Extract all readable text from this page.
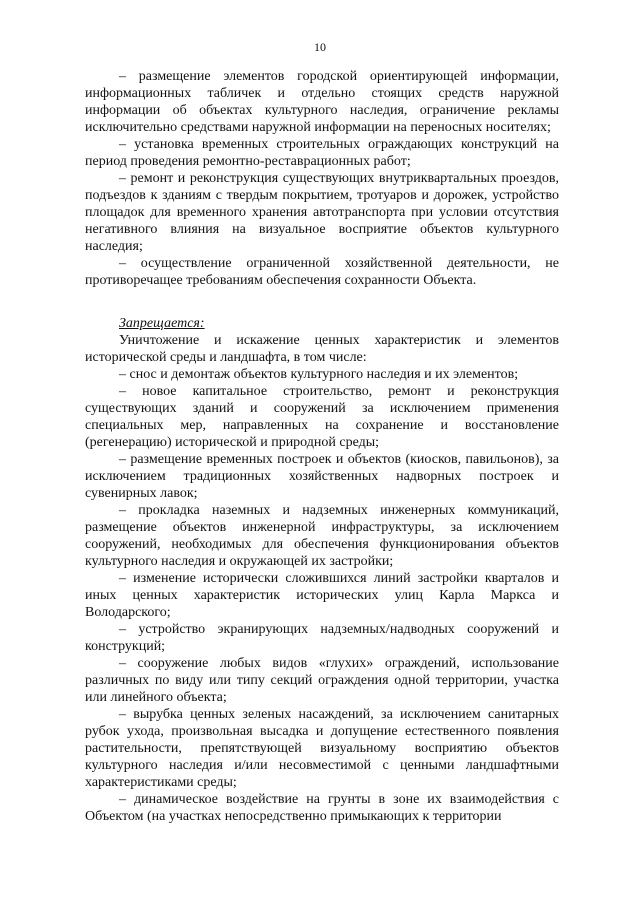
10

– размещение элементов городской ориентирующей информации, информационных табличек и отдельно стоящих средств наружной информации об объектах культурного наследия, ограничение рекламы исключительно средствами наружной информации на переносных носителях;

– установка временных строительных ограждающих конструкций на период проведения ремонтно-реставрационных работ;

– ремонт и реконструкция существующих внутриквартальных проездов, подъездов к зданиям с твердым покрытием, тротуаров и дорожек, устройство площадок для временного хранения автотранспорта при условии отсутствия негативного влияния на визуальное восприятие объектов культурного наследия;

– осуществление ограниченной хозяйственной деятельности, не противоречащее требованиям обеспечения сохранности Объекта.

Запрещается:

Уничтожение и искажение ценных характеристик и элементов исторической среды и ландшафта, в том числе:

– снос и демонтаж объектов культурного наследия и их элементов;

– новое капитальное строительство, ремонт и реконструкция существующих зданий и сооружений за исключением применения специальных мер, направленных на сохранение и восстановление (регенерацию) исторической и природной среды;

– размещение временных построек и объектов (киосков, павильонов), за исключением традиционных хозяйственных надворных построек и сувенирных лавок;

– прокладка наземных и надземных инженерных коммуникаций, размещение объектов инженерной инфраструктуры, за исключением сооружений, необходимых для обеспечения функционирования объектов культурного наследия и окружающей их застройки;

– изменение исторически сложившихся линий застройки кварталов и иных ценных характеристик исторических улиц Карла Маркса и Володарского;

– устройство экранирующих надземных/надводных сооружений и конструкций;

– сооружение любых видов «глухих» ограждений, использование различных по виду или типу секций ограждения одной территории, участка или линейного объекта;

– вырубка ценных зеленых насаждений, за исключением санитарных рубок ухода, произвольная высадка и допущение естественного появления растительности, препятствующей визуальному восприятию объектов культурного наследия и/или несовместимой с ценными ландшафтными характеристиками среды;

– динамическое воздействие на грунты в зоне их взаимодействия с Объектом (на участках непосредственно примыкающих к территории
